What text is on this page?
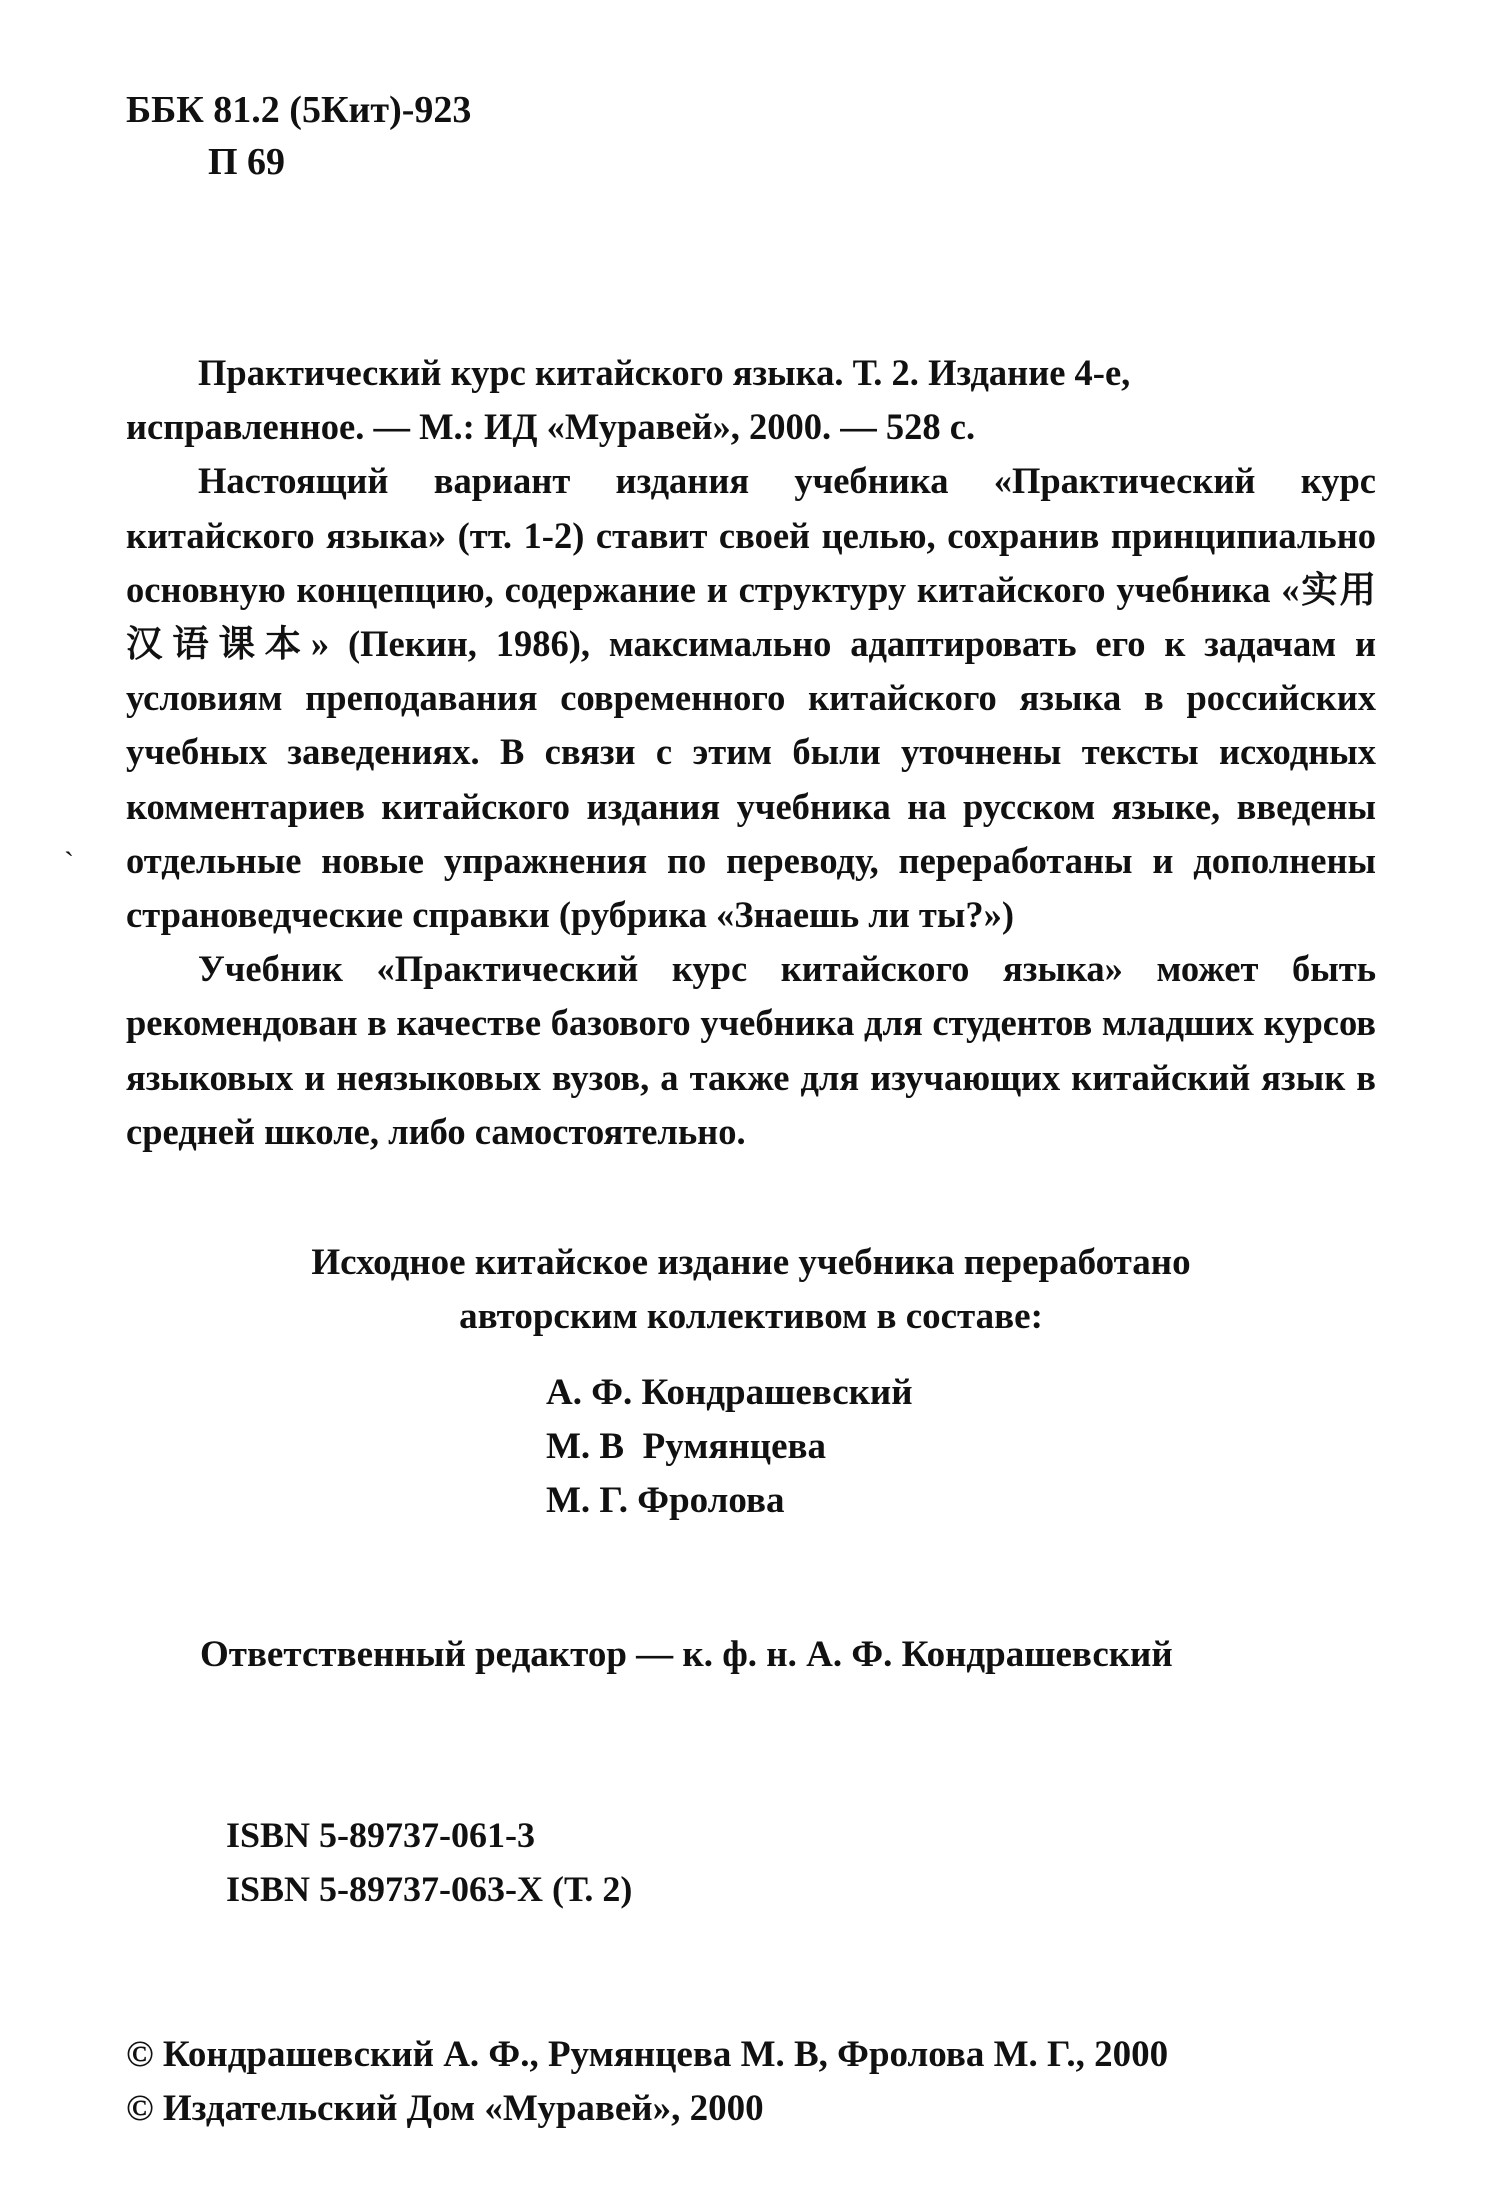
ББК 81.2 (5Кит)-923
П 69

Практический курс китайского языка. Т. 2. Издание 4-е,

исправленное. — М.: ИД «Муравей», 2000. — 528 с.

Настоящий вариант издания учебника «Практический курс китайского языка» (тт. 1-2) ставит своей целью, сохранив принципиально основную концепцию, содержание и структуру китайского учебника «实用汉语课本» (Пекин, 1986), максимально адаптировать его к задачам и условиям преподавания современного китайского языка в российских учебных заведениях. В связи с этим были уточнены тексты исходных комментариев китайского издания учебника на русском языке, введены отдельные новые упражнения по переводу, переработаны и дополнены страноведческие справки (рубрика «Знаешь ли ты?»)

Учебник «Практический курс китайского языка» может быть рекомендован в качестве базового учебника для студентов младших курсов языковых и неязыковых вузов, а также для изучающих китайский язык в средней школе, либо самостоятельно.

Исходное китайское издание учебника переработано
авторским коллективом в составе:
А. Ф. Кондрашевский
М. В  Румянцева
М. Г. Фролова
Ответственный редактор — к. ф. н. А. Ф. Кондрашевский
ISBN 5-89737-061-3
ISBN 5-89737-063-X (Т. 2)
© Кондрашевский А. Ф., Румянцева М. В, Фролова М. Г., 2000
© Издательский Дом «Муравей», 2000
`
